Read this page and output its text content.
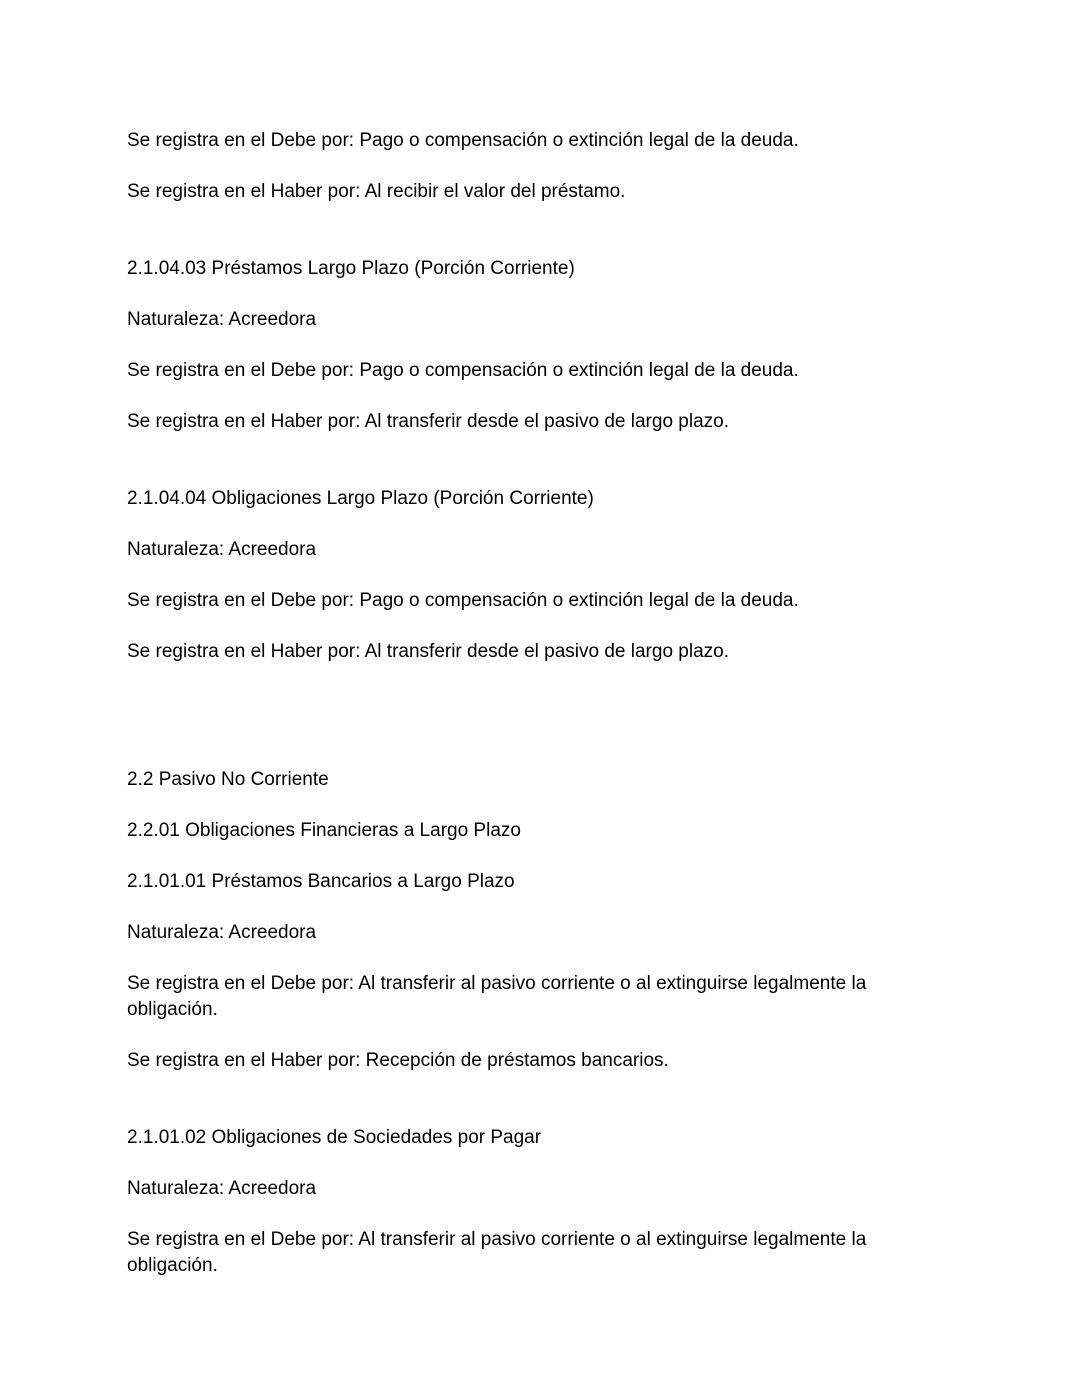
Se registra en el Debe por: Pago o compensación o extinción legal de la deuda.

Se registra en el Haber por: Al recibir el valor del préstamo.

2.1.04.03 Préstamos Largo Plazo (Porción Corriente)

Naturaleza: Acreedora

Se registra en el Debe por: Pago o compensación o extinción legal de la deuda.

Se registra en el Haber por: Al transferir desde el pasivo de largo plazo.

2.1.04.04 Obligaciones Largo Plazo (Porción Corriente)

Naturaleza: Acreedora

Se registra en el Debe por: Pago o compensación o extinción legal de la deuda.

Se registra en el Haber por: Al transferir desde el pasivo de largo plazo.

2.2 Pasivo No Corriente

2.2.01 Obligaciones Financieras a Largo Plazo

2.1.01.01 Préstamos Bancarios a Largo Plazo

Naturaleza: Acreedora

Se registra en el Debe por: Al transferir al pasivo corriente o al extinguirse legalmente la obligación.

Se registra en el Haber por: Recepción de préstamos bancarios.

2.1.01.02 Obligaciones de Sociedades por Pagar

Naturaleza: Acreedora

Se registra en el Debe por: Al transferir al pasivo corriente o al extinguirse legalmente la obligación.
